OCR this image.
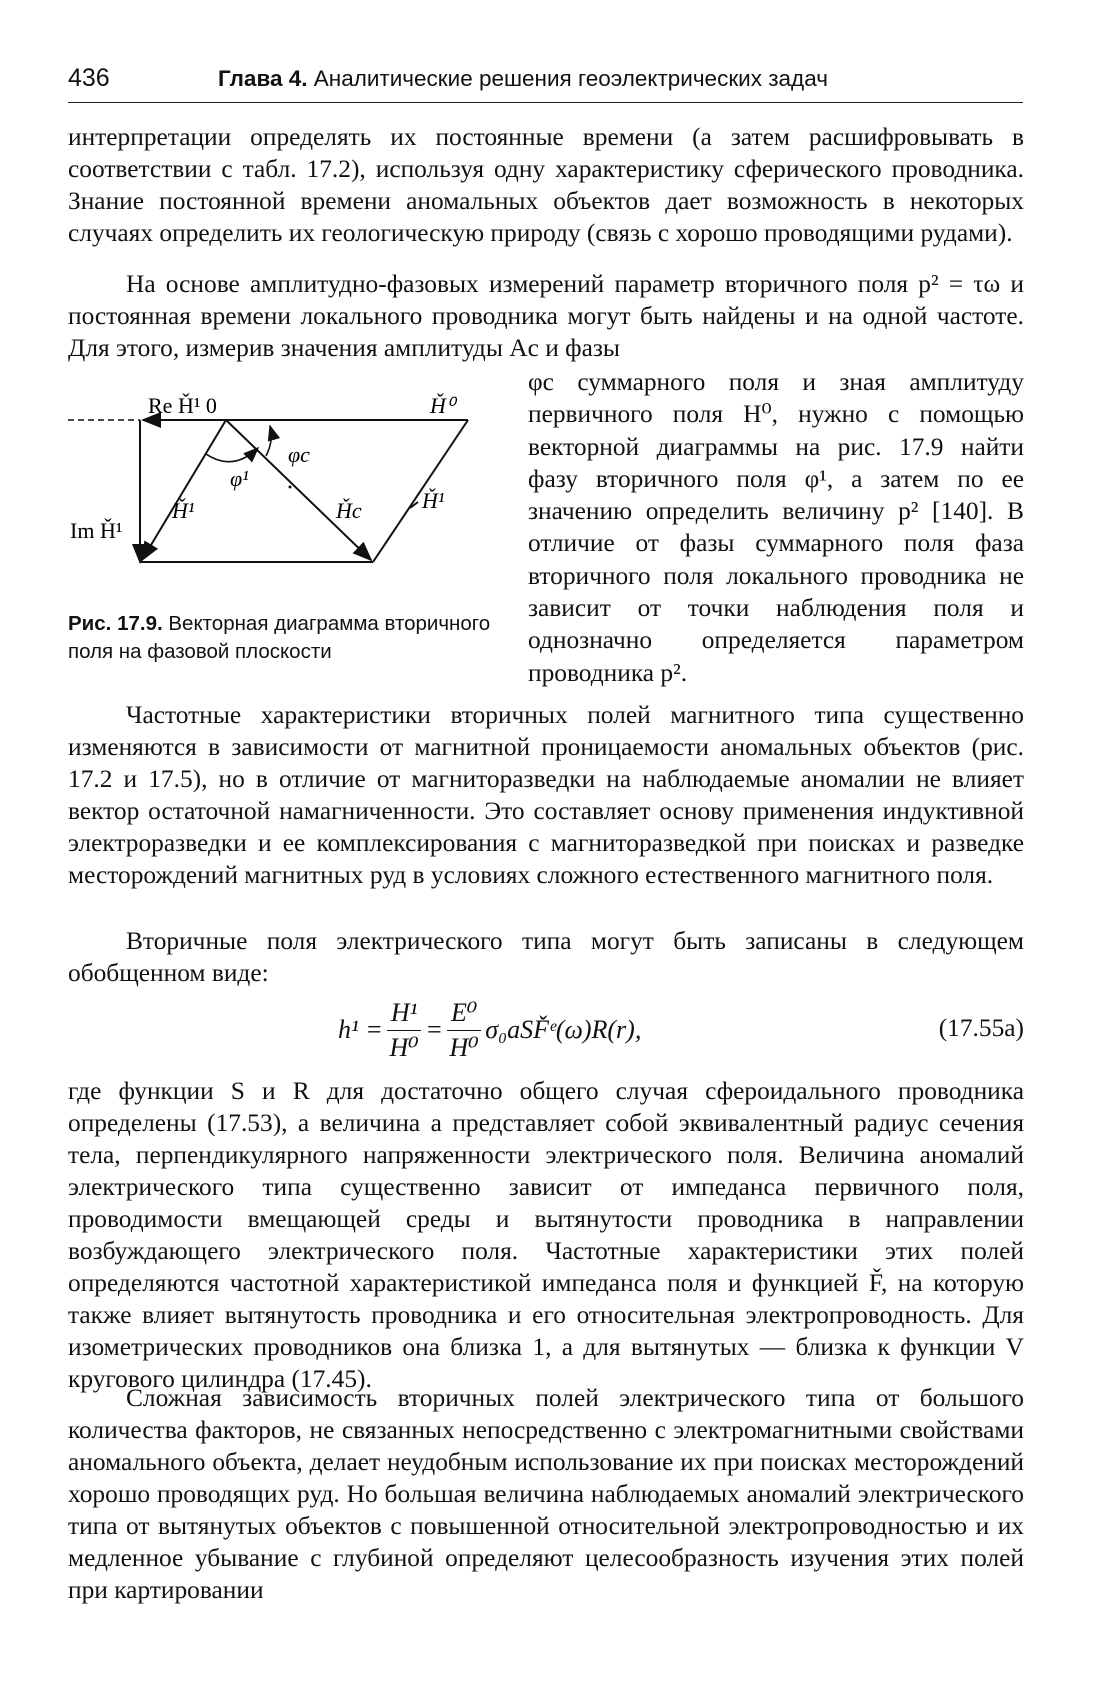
436	Глава 4. Аналитические решения геоэлектрических задач

интерпретации определять их постоянные времени (а затем расшифровывать в соответствии с табл. 17.2), используя одну характеристику сферического проводника. Знание постоянной времени аномальных объектов дает возможность в некоторых случаях определить их геологическую природу (связь с хорошо проводящими рудами).

На основе амплитудно-фазовых измерений параметр вторичного поля p² = τω и постоянная времени локального проводника могут быть найдены и на одной частоте. Для этого, измерив значения амплитуды Aс и фазы

φс суммарного поля и зная амплитуду первичного поля H⁰, нужно с помощью векторной диаграммы на рис. 17.9 найти фазу вторичного поля φ¹, а затем по ее значению определить величину p² [140]. В отличие от фазы суммарного поля фаза вторичного поля локального проводника не зависит от точки наблюдения поля и однозначно определяется параметром проводника p².

Re Ȟ¹ 0	Ȟ⁰
Im Ȟ¹
φc
φ¹
Ȟ¹	Ȟc	Ȟ¹

Рис. 17.9. Векторная диаграмма вторичного поля на фазовой плоскости

Частотные характеристики вторичных полей магнитного типа существенно изменяются в зависимости от магнитной проницаемости аномальных объектов (рис. 17.2 и 17.5), но в отличие от магниторазведки на наблюдаемые аномалии не влияет вектор остаточной намагниченности. Это составляет основу применения индуктивной электроразведки и ее комплексирования с магниторазведкой при поисках и разведке месторождений магнитных руд в условиях сложного естественного магнитного поля.

Вторичные поля электрического типа могут быть записаны в следующем обобщенном виде:

$h^1 = \frac{\text{H¹}}{\text{H⁰}} = \frac{\text{E⁰}}{\text{H⁰}}$ σ₀aSF̌ᵉ(ω)R(r),	(17.55a)

где функции S и R для достаточно общего случая сфероидального проводника определены (17.53), а величина a представляет собой эквивалентный радиус сечения тела, перпендикулярного напряженности электрического поля. Величина аномалий электрического типа существенно зависит от импеданса первичного поля, проводимости вмещающей среды и вытянутости проводника в направлении возбуждающего электрического поля. Частотные характеристики этих полей определяются частотной характеристикой импеданса поля и функцией F̌, на которую также влияет вытянутость проводника и его относительная электропроводность. Для изометрических проводников она близка 1, а для вытянутых — близка к функции V кругового цилиндра (17.45).

Сложная зависимость вторичных полей электрического типа от большого количества факторов, не связанных непосредственно с электромагнитными свойствами аномального объекта, делает неудобным использование их при поисках месторождений хорошо проводящих руд. Но большая величина наблюдаемых аномалий электрического типа от вытянутых объектов с повышенной относительной электропроводностью и их медленное убывание с глубиной определяют целесообразность изучения этих полей при картировании
